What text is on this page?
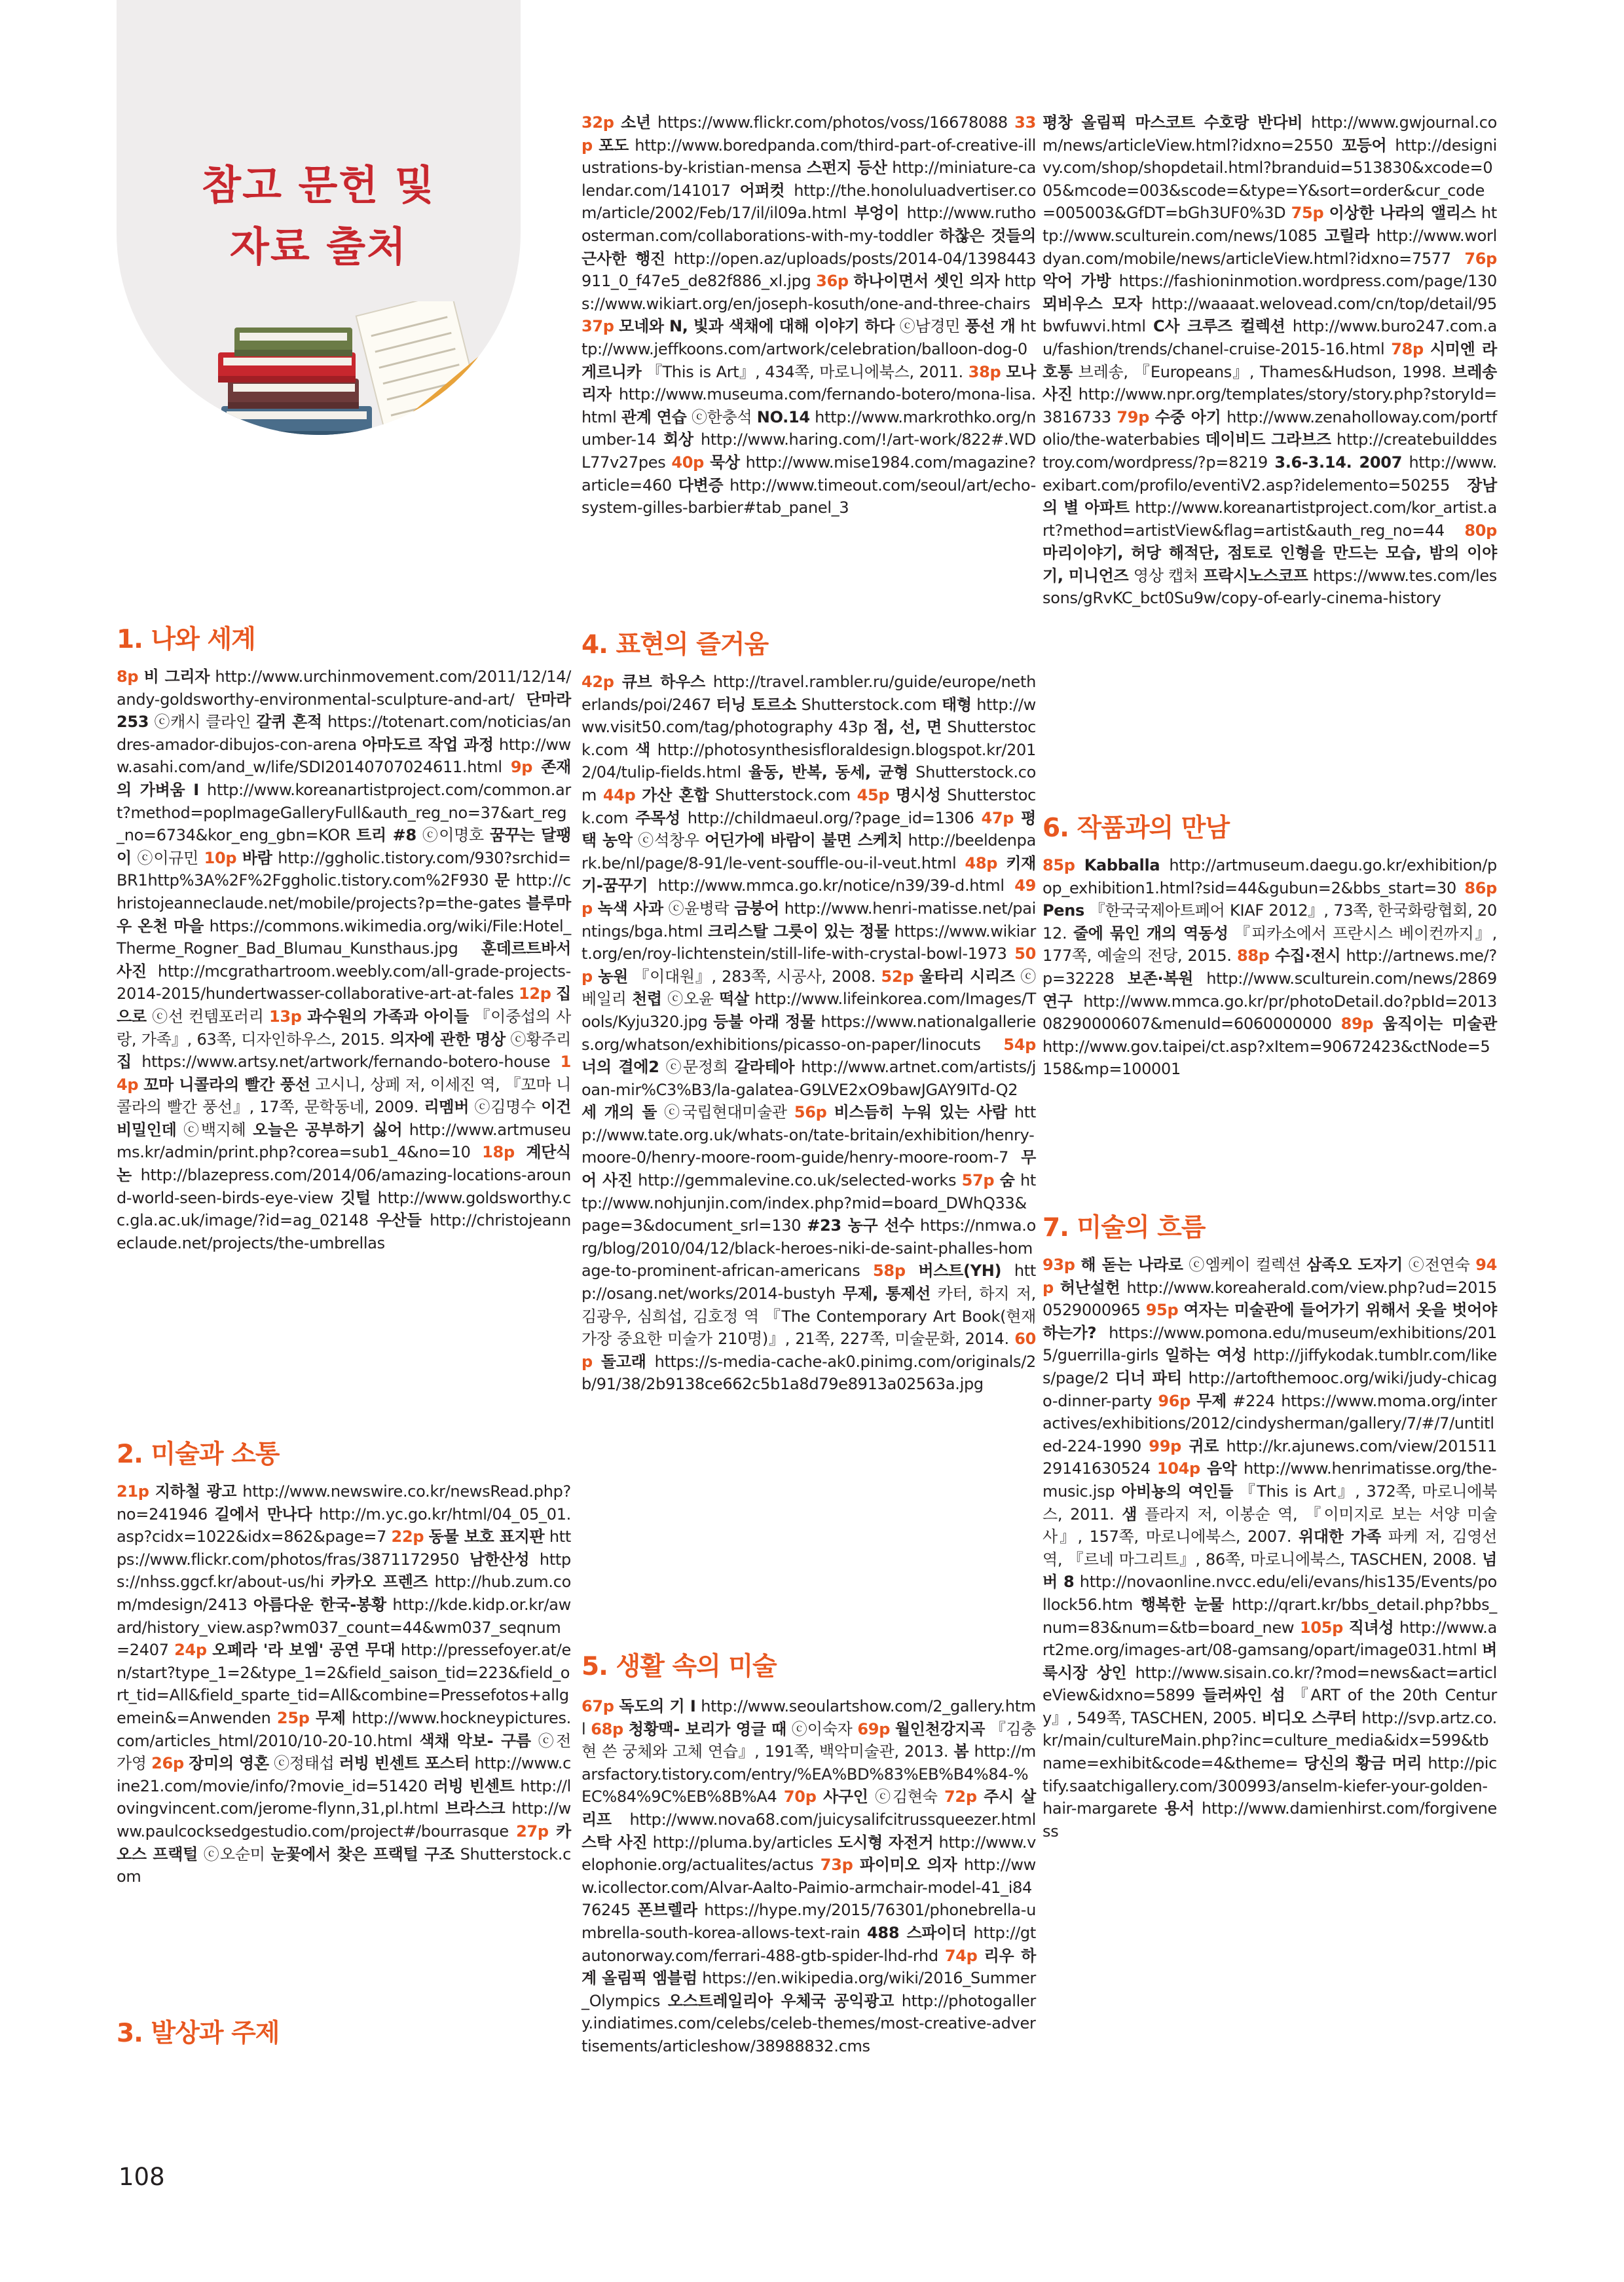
참고 문헌 및
자료 출처
1. 나와 세계
8p 비 그리자 http://www.urchinmovement.com/2011/12/14/andy-goldsworthy-environmental-sculpture-and-art/ 단마라 253 ⓒ캐시 클라인 갈퀴 흔적 https://totenart.com/noticias/andres-amador-dibujos-con-arena 아마도르 작업 과정 http://www.asahi.com/and_w/life/SDI20140707024611.html 9p 존재의 가벼움 I http://www.koreanartistproject.com/common.art?method=poplmageGalleryFull&auth_reg_no=37&art_reg_no=6734&kor_eng_gbn=KOR 트리 #8 ⓒ이명호 꿈꾸는 달팽이 ⓒ이규민 10p 바람 http://ggholic.tistory.com/930?srchid=BR1http%3A%2F%2Fggholic.tistory.com%2F930 문 http://christojeanneclaude.net/mobile/projects?p=the-gates 블루마우 온천 마을 https://commons.wikimedia.org/wiki/File:Hotel_Therme_Rogner_Bad_Blumau_Kunsthaus.jpg 훈데르트바서 사진 http://mcgrathartroom.weebly.com/all-grade-projects-2014-2015/hundertwasser-collaborative-art-at-fales 12p 집으로 ⓒ선 컨템포러리 13p 과수원의 가족과 아이들 『이중섭의 사랑, 가족』, 63쪽, 디자인하우스, 2015. 의자에 관한 명상 ⓒ황주리 집 https://www.artsy.net/artwork/fernando-botero-house 14p 꼬마 니콜라의 빨간 풍선 고시니, 상페 저, 이세진 역, 『꼬마 니콜라의 빨간 풍선』, 17쪽, 문학동네, 2009. 리멤버 ⓒ김명수 이건 비밀인데 ⓒ백지혜 오늘은 공부하기 싫어 http://www.artmuseums.kr/admin/print.php?corea=sub1_4&no=10 18p 계단식 논 http://blazepress.com/2014/06/amazing-locations-around-world-seen-birds-eye-view 깃털 http://www.goldsworthy.cc.gla.ac.uk/image/?id=ag_02148 우산들 http://christojeanneclaude.net/projects/the-umbrellas
2. 미술과 소통
21p 지하철 광고 http://www.newswire.co.kr/newsRead.php?no=241946 길에서 만나다 http://m.yc.go.kr/html/04_05_01.asp?cidx=1022&idx=862&page=7 22p 동물 보호 표지판 https://www.flickr.com/photos/fras/3871172950 남한산성 https://nhss.ggcf.kr/about-us/hi 카카오 프렌즈 http://hub.zum.com/mdesign/2413 아름다운 한국-봉황 http://kde.kidp.or.kr/award/history_view.asp?wm037_count=44&wm037_seqnum=2407 24p 오페라 '라 보엠' 공연 무대 http://pressefoyer.at/en/start?type_1=2&type_1=2&field_saison_tid=223&field_ort_tid=All&field_sparte_tid=All&combine=Pressefotos+allgemein&=Anwenden 25p 무제 http://www.hockneypictures.com/articles_html/2010/10-20-10.html 색채 악보- 구름 ⓒ전가영 26p 장미의 영혼 ⓒ정태섭 러빙 빈센트 포스터 http://www.cine21.com/movie/info/?movie_id=51420 러빙 빈센트 http://lovingvincent.com/jerome-flynn,31,pl.html 브라스크 http://www.paulcocksedgestudio.com/project#/bourrasque 27p 카오스 프랙털 ⓒ오순미 눈꽃에서 찾은 프랙털 구조 Shutterstock.com
3. 발상과 주제
32p 소년 https://www.flickr.com/photos/voss/16678088 33p 포도 http://www.boredpanda.com/third-part-of-creative-illustrations-by-kristian-mensa 스펀지 등산 http://miniature-calendar.com/141017 어퍼컷 http://the.honoluluadvertiser.com/article/2002/Feb/17/il/il09a.html 부엉이 http://www.ruthoosterman.com/collaborations-with-my-toddler 하찮은 것들의 근사한 행진 http://open.az/uploads/posts/2014-04/1398443911_0_f47e5_de82f886_xl.jpg 36p 하나이면서 셋인 의자 https://www.wikiart.org/en/joseph-kosuth/one-and-three-chairs 37p 모네와 N, 빛과 색채에 대해 이야기 하다 ⓒ남경민 풍선 개 http://www.jeffkoons.com/artwork/celebration/balloon-dog-0 게르니카 『This is Art』, 434쪽, 마로니에북스, 2011. 38p 모나리자 http://www.museuma.com/fernando-botero/mona-lisa.html 관계 연습 ⓒ한충석 NO.14 http://www.markrothko.org/number-14 회상 http://www.haring.com/!/art-work/822#.WDL77v27pes 40p 묵상 http://www.mise1984.com/magazine?article=460 다변증 http://www.timeout.com/seoul/art/echo-system-gilles-barbier#tab_panel_3
4. 표현의 즐거움
42p 큐브 하우스 http://travel.rambler.ru/guide/europe/netherlands/poi/2467 터닝 토르소 Shutterstock.com 태형 http://www.visit50.com/tag/photography 43p 점, 선, 면 Shutterstock.com 색 http://photosynthesisfloraldesign.blogspot.kr/2012/04/tulip-fields.html 율동, 반복, 동세, 균형 Shutterstock.com 44p 가산 혼합 Shutterstock.com 45p 명시성 Shutterstock.com 주목성 http://childmaeul.org/?page_id=1306 47p 평택 농악 ⓒ석창우 어딘가에 바람이 불면 스케치 http://beeldenpark.be/nl/page/8-91/le-vent-souffle-ou-il-veut.html 48p 키재기-꿈꾸기 http://www.mmca.go.kr/notice/n39/39-d.html 49p 녹색 사과 ⓒ윤병락 금붕어 http://www.henri-matisse.net/paintings/bga.html 크리스탈 그릇이 있는 정물 https://www.wikiart.org/en/roy-lichtenstein/still-life-with-crystal-bowl-1973 50p 농원 『이대원』, 283쪽, 시공사, 2008. 52p 울타리 시리즈 ⓒ베일리 천렵 ⓒ오윤 떡살 http://www.lifeinkorea.com/Images/Tools/Kyju320.jpg 등불 아래 정물 https://www.nationalgalleries.org/whatson/exhibitions/picasso-on-paper/linocuts 54p 너의 결에2 ⓒ문정희 갈라테아 http://www.artnet.com/artists/joan-mir%C3%B3/la-galatea-G9LVE2xO9bawJGAY9ITd-Q2 세 개의 돌 ⓒ국립현대미술관 56p 비스듬히 누워 있는 사람 http://www.tate.org.uk/whats-on/tate-britain/exhibition/henry-moore-0/henry-moore-room-guide/henry-moore-room-7 무어 사진 http://gemmalevine.co.uk/selected-works 57p 숨 http://www.nohjunjin.com/index.php?mid=board_DWhQ33&page=3&document_srl=130 #23 농구 선수 https://nmwa.org/blog/2010/04/12/black-heroes-niki-de-saint-phalles-homage-to-prominent-african-americans 58p 버스트(YH) http://osang.net/works/2014-bustyh 무제, 통제선 카터, 하지 저, 김광우, 심희섭, 김호정 역 『The Contemporary Art Book(현재 가장 중요한 미술가 210명)』, 21쪽, 227쪽, 미술문화, 2014. 60p 돌고래 https://s-media-cache-ak0.pinimg.com/originals/2b/91/38/2b9138ce662c5b1a8d79e8913a02563a.jpg
5. 생활 속의 미술
평창 올림픽 마스코트 수호랑 반다비 http://www.gwjournal.com/news/articleView.html?idxno=2550 꼬등어 http://designivy.com/shop/shopdetail.html?branduid=513830&xcode=005&mcode=003&scode=&type=Y&sort=order&cur_code=005003&GfDT=bGh3UF0%3D 75p 이상한 나라의 앨리스 http://www.sculturein.com/news/1085 고릴라 http://www.worldyan.com/mobile/news/articleView.html?idxno=7577 76p 악어 가방 https://fashioninmotion.wordpress.com/page/130 뫼비우스 모자 http://waaaat.welovead.com/cn/top/detail/95bwfuwvi.html C사 크루즈 컬렉션 http://www.buro247.com.au/fashion/trends/chanel-cruise-2015-16.html 78p 시미엔 라 호통 브레송, 『Europeans』, Thames&Hudson, 1998. 브레송 사진 http://www.npr.org/templates/story/story.php?storyId=3816733 79p 수중 아기 http://www.zenaholloway.com/portfolio/the-waterbabies 데이비드 그라브즈 http://createbuilddestroy.com/wordpress/?p=8219 3.6-3.14. 2007 http://www.exibart.com/profilo/eventiV2.asp?idelemento=50255 장남의 별 아파트 http://www.koreanartistproject.com/kor_artist.art?method=artistView&flag=artist&auth_reg_no=44 80p 마리이야기, 허당 해적단, 점토로 인형을 만드는 모습, 밤의 이야기, 미니언즈 영상 캡처 프락시노스코프 https://www.tes.com/lessons/gRvKC_bct0Su9w/copy-of-early-cinema-history
6. 작품과의 만남
85p Kabballa http://artmuseum.daegu.go.kr/exhibition/pop_exhibition1.html?sid=44&gubun=2&bbs_start=30 86p Pens 『한국국제아트페어 KIAF 2012』, 73쪽, 한국화랑협회, 2012. 줄에 묶인 개의 역동성 『피카소에서 프란시스 베이컨까지』, 177쪽, 예술의 전당, 2015. 88p 수집·전시 http://artnews.me/?p=32228 보존·복원 http://www.sculturein.com/news/2869 연구 http://www.mmca.go.kr/pr/photoDetail.do?pbId=201308290000607&menuId=6060000000 89p 움직이는 미술관 http://www.gov.taipei/ct.asp?xItem=90672423&ctNode=5158&mp=100001
7. 미술의 흐름
93p 해 돋는 나라로 ⓒ엠케이 컬렉션 삼족오 도자기 ⓒ전연숙 94p 허난설헌 http://www.koreaherald.com/view.php?ud=20150529000965 95p 여자는 미술관에 들어가기 위해서 옷을 벗어야 하는가? https://www.pomona.edu/museum/exhibitions/2015/guerrilla-girls 일하는 여성 http://jiffykodak.tumblr.com/likes/page/2 디너 파티 http://artofthemooc.org/wiki/judy-chicago-dinner-party 96p 무제 #224 https://www.moma.org/interactives/exhibitions/2012/cindysherman/gallery/7/#/7/untitled-224-1990 99p 귀로 http://kr.ajunews.com/view/20151129141630524 104p 음악 http://www.henrimatisse.org/the-music.jsp 아비뇽의 여인들 『This is Art』, 372쪽, 마로니에북스, 2011. 샘 플라지 저, 이봉순 역, 『이미지로 보는 서양 미술사』, 157쪽, 마로니에북스, 2007. 위대한 가족 파케 저, 김영선 역, 『르네 마그리트』, 86쪽, 마로니에북스, TASCHEN, 2008. 넘버 8 http://novaonline.nvcc.edu/eli/evans/his135/Events/pollock56.htm 행복한 눈물 http://qrart.kr/bbs_detail.php?bbs_num=83&num=&tb=board_new 105p 직녀성 http://www.art2me.org/images-art/08-gamsang/opart/image031.html 벼룩시장 상인 http://www.sisain.co.kr/?mod=news&act=articleView&idxno=5899 들러싸인 섬 『ART of the 20th Century』, 549쪽, TASCHEN, 2005. 비디오 스쿠터 http://svp.artz.co.kr/main/cultureMain.php?inc=culture_media&idx=599&tbname=exhibit&code=4&theme= 당신의 황금 머리 http://pictify.saatchigallery.com/300993/anselm-kiefer-your-golden-hair-margarete 용서 http://www.damienhirst.com/forgiveness
67p 독도의 기 I http://www.seoulartshow.com/2_gallery.html 68p 청황맥- 보리가 영글 때 ⓒ이숙자 69p 월인천강지곡 『김충현 쓴 궁체와 고체 연습』, 191쪽, 백악미술관, 2013. 봄 http://marsfactory.tistory.com/entry/%EA%BD%83%EB%B4%84-%EC%84%9C%EB%8B%A4 70p 사구인 ⓒ김현숙 72p 주시 살리프 http://www.nova68.com/juicysalifcitrussqueezer.html 스탁 사진 http://pluma.by/articles 도시형 자전거 http://www.velophonie.org/actualites/actus 73p 파이미오 의자 http://www.icollector.com/Alvar-Aalto-Paimio-armchair-model-41_i8476245 폰브렐라 https://hype.my/2015/76301/phonebrella-umbrella-south-korea-allows-text-rain 488 스파이더 http://gtautonorway.com/ferrari-488-gtb-spider-lhd-rhd 74p 리우 하계 올림픽 엠블럼 https://en.wikipedia.org/wiki/2016_Summer_Olympics 오스트레일리아 우체국 공익광고 http://photogallery.indiatimes.com/celebs/celeb-themes/most-creative-advertisements/articleshow/38988832.cms
108
